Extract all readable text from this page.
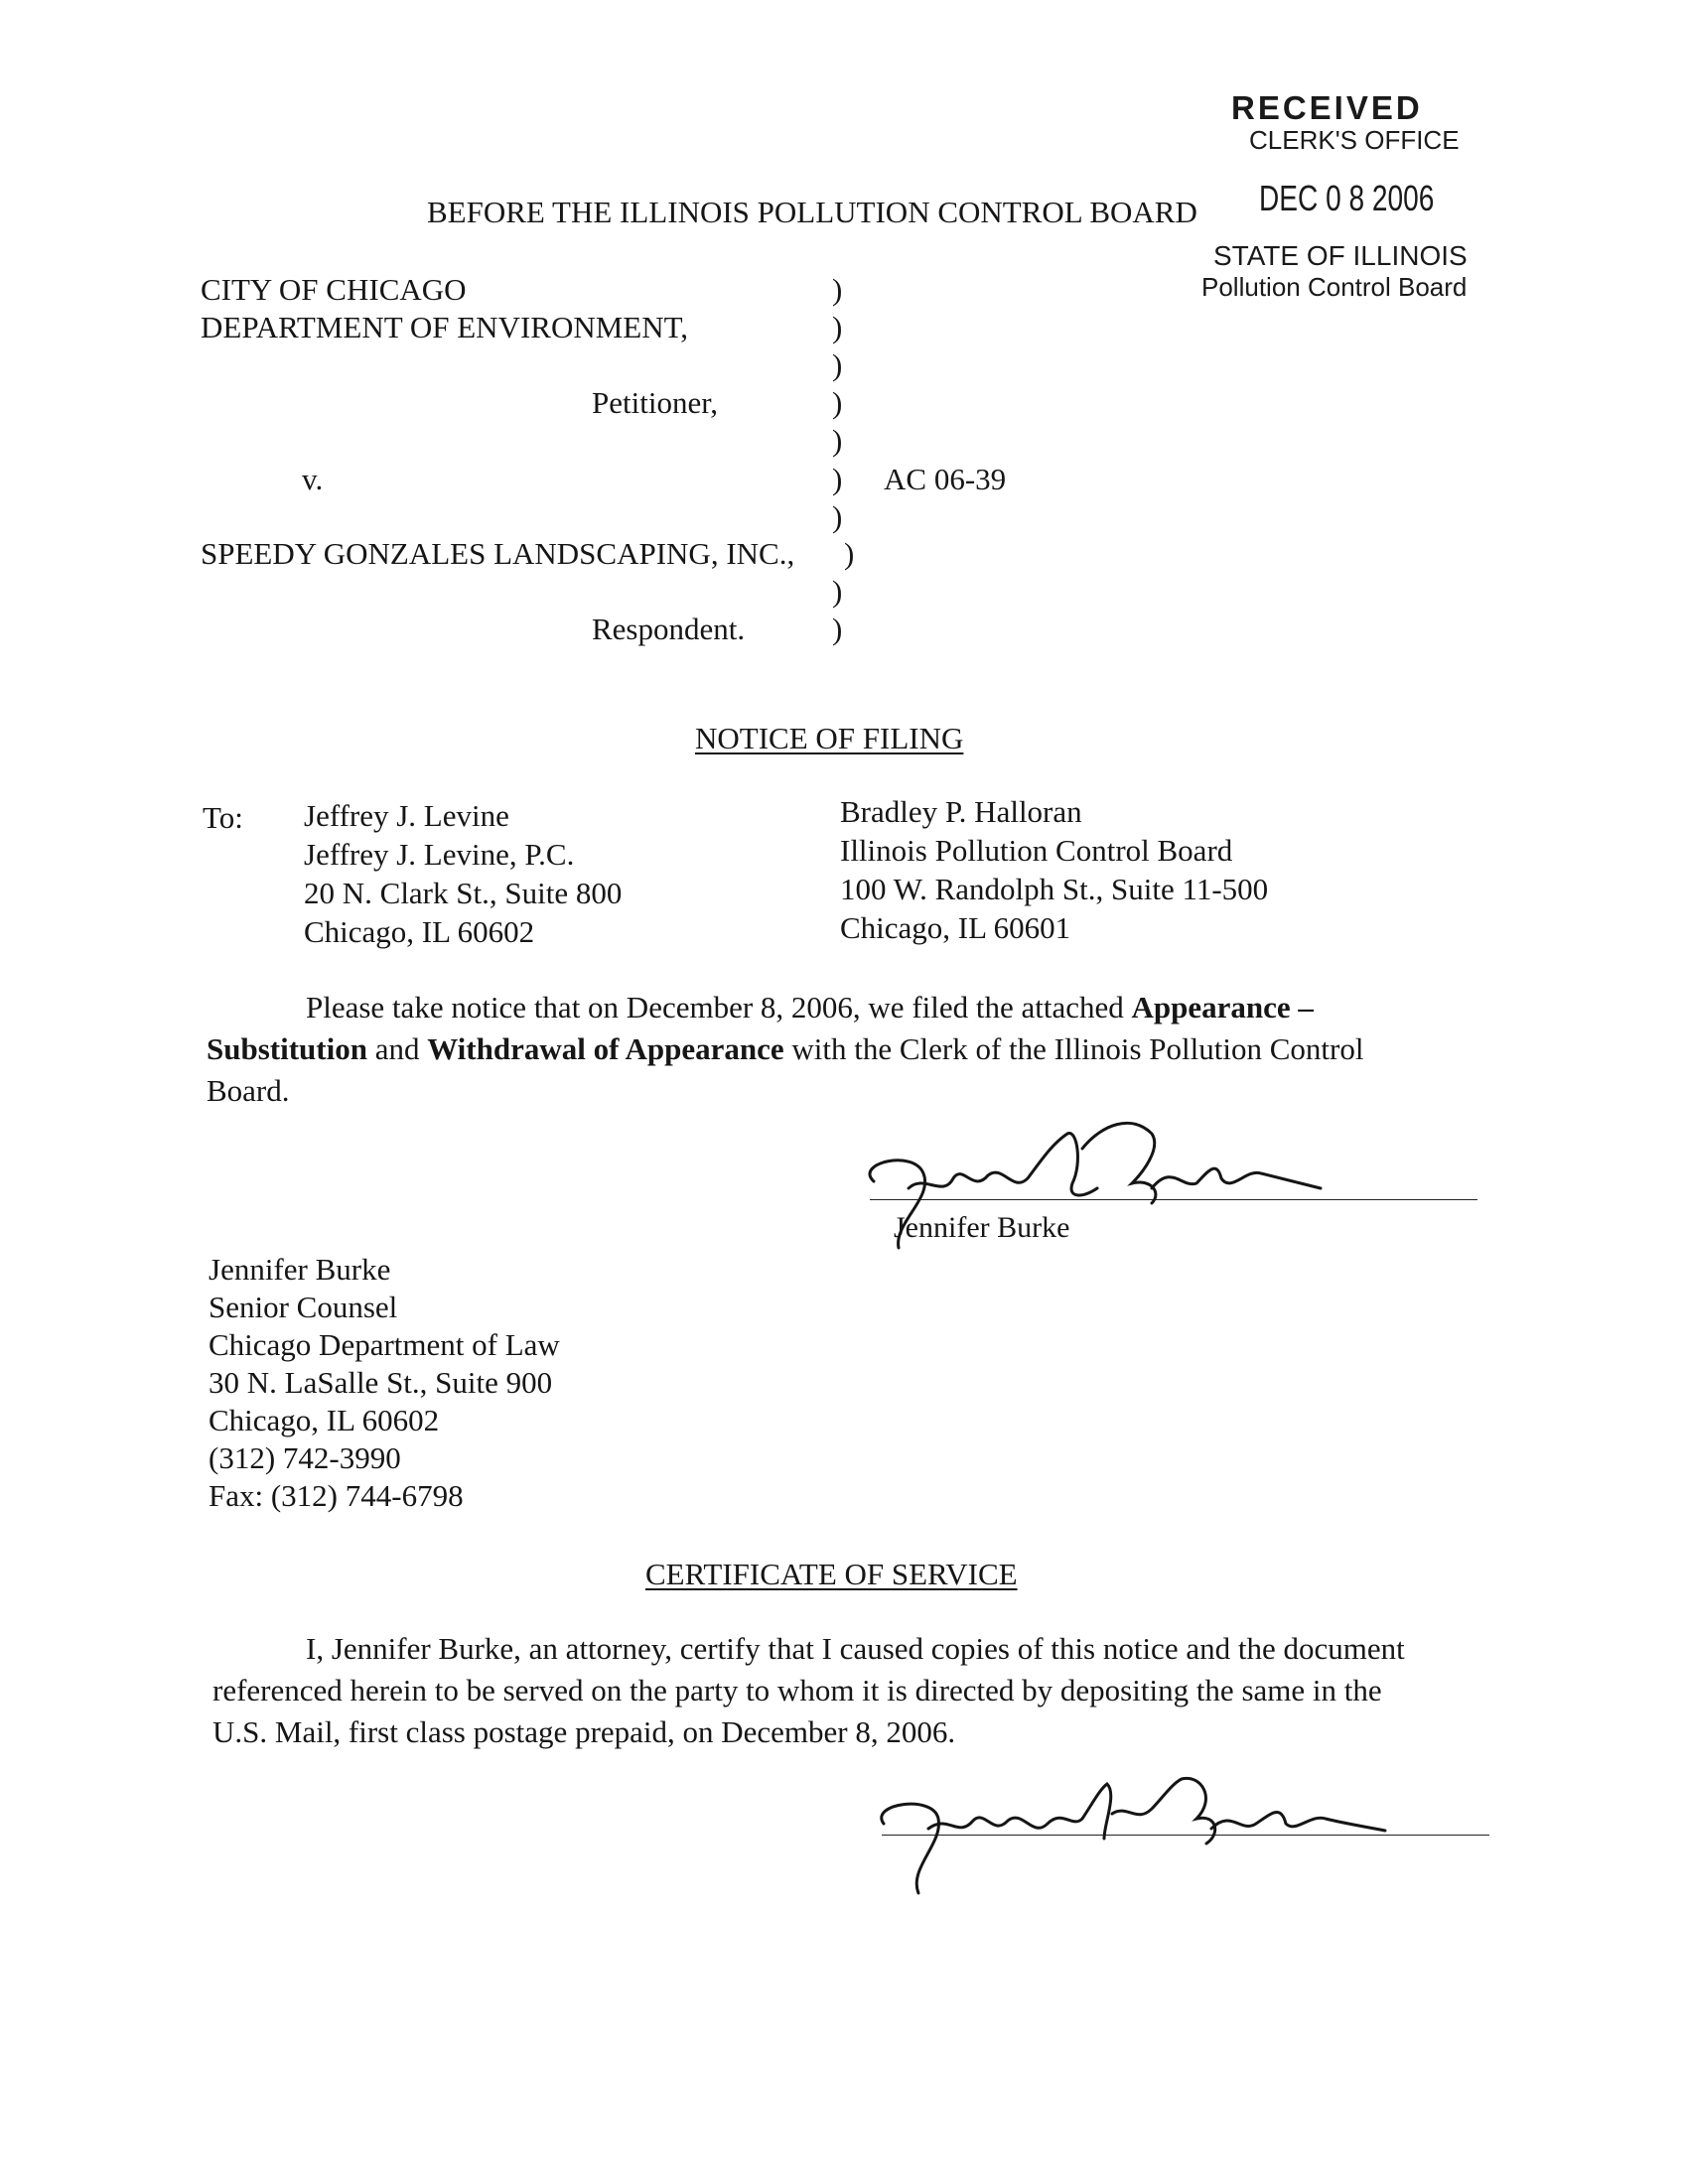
RECEIVED
CLERK'S OFFICE
DEC 0 8 2006
STATE OF ILLINOIS
Pollution Control Board
BEFORE THE ILLINOIS POLLUTION CONTROL BOARD
CITY OF CHICAGO
DEPARTMENT OF ENVIRONMENT,
Petitioner,
v.
SPEEDY GONZALES LANDSCAPING, INC.,
Respondent.
AC 06-39
)
)
)
)
)
)
)
)
)
)
NOTICE OF FILING
To: Jeffrey J. Levine
Jeffrey J. Levine, P.C.
20 N. Clark St., Suite 800
Chicago, IL 60602
Bradley P. Halloran
Illinois Pollution Control Board
100 W. Randolph St., Suite 11-500
Chicago, IL 60601
Please take notice that on December 8, 2006, we filed the attached Appearance –
Substitution and Withdrawal of Appearance with the Clerk of the Illinois Pollution Control
Board.
Jennifer Burke
Jennifer Burke
Senior Counsel
Chicago Department of Law
30 N. LaSalle St., Suite 900
Chicago, IL 60602
(312) 742-3990
Fax: (312) 744-6798
CERTIFICATE OF SERVICE
I, Jennifer Burke, an attorney, certify that I caused copies of this notice and the document
referenced herein to be served on the party to whom it is directed by depositing the same in the
U.S. Mail, first class postage prepaid, on December 8, 2006.
